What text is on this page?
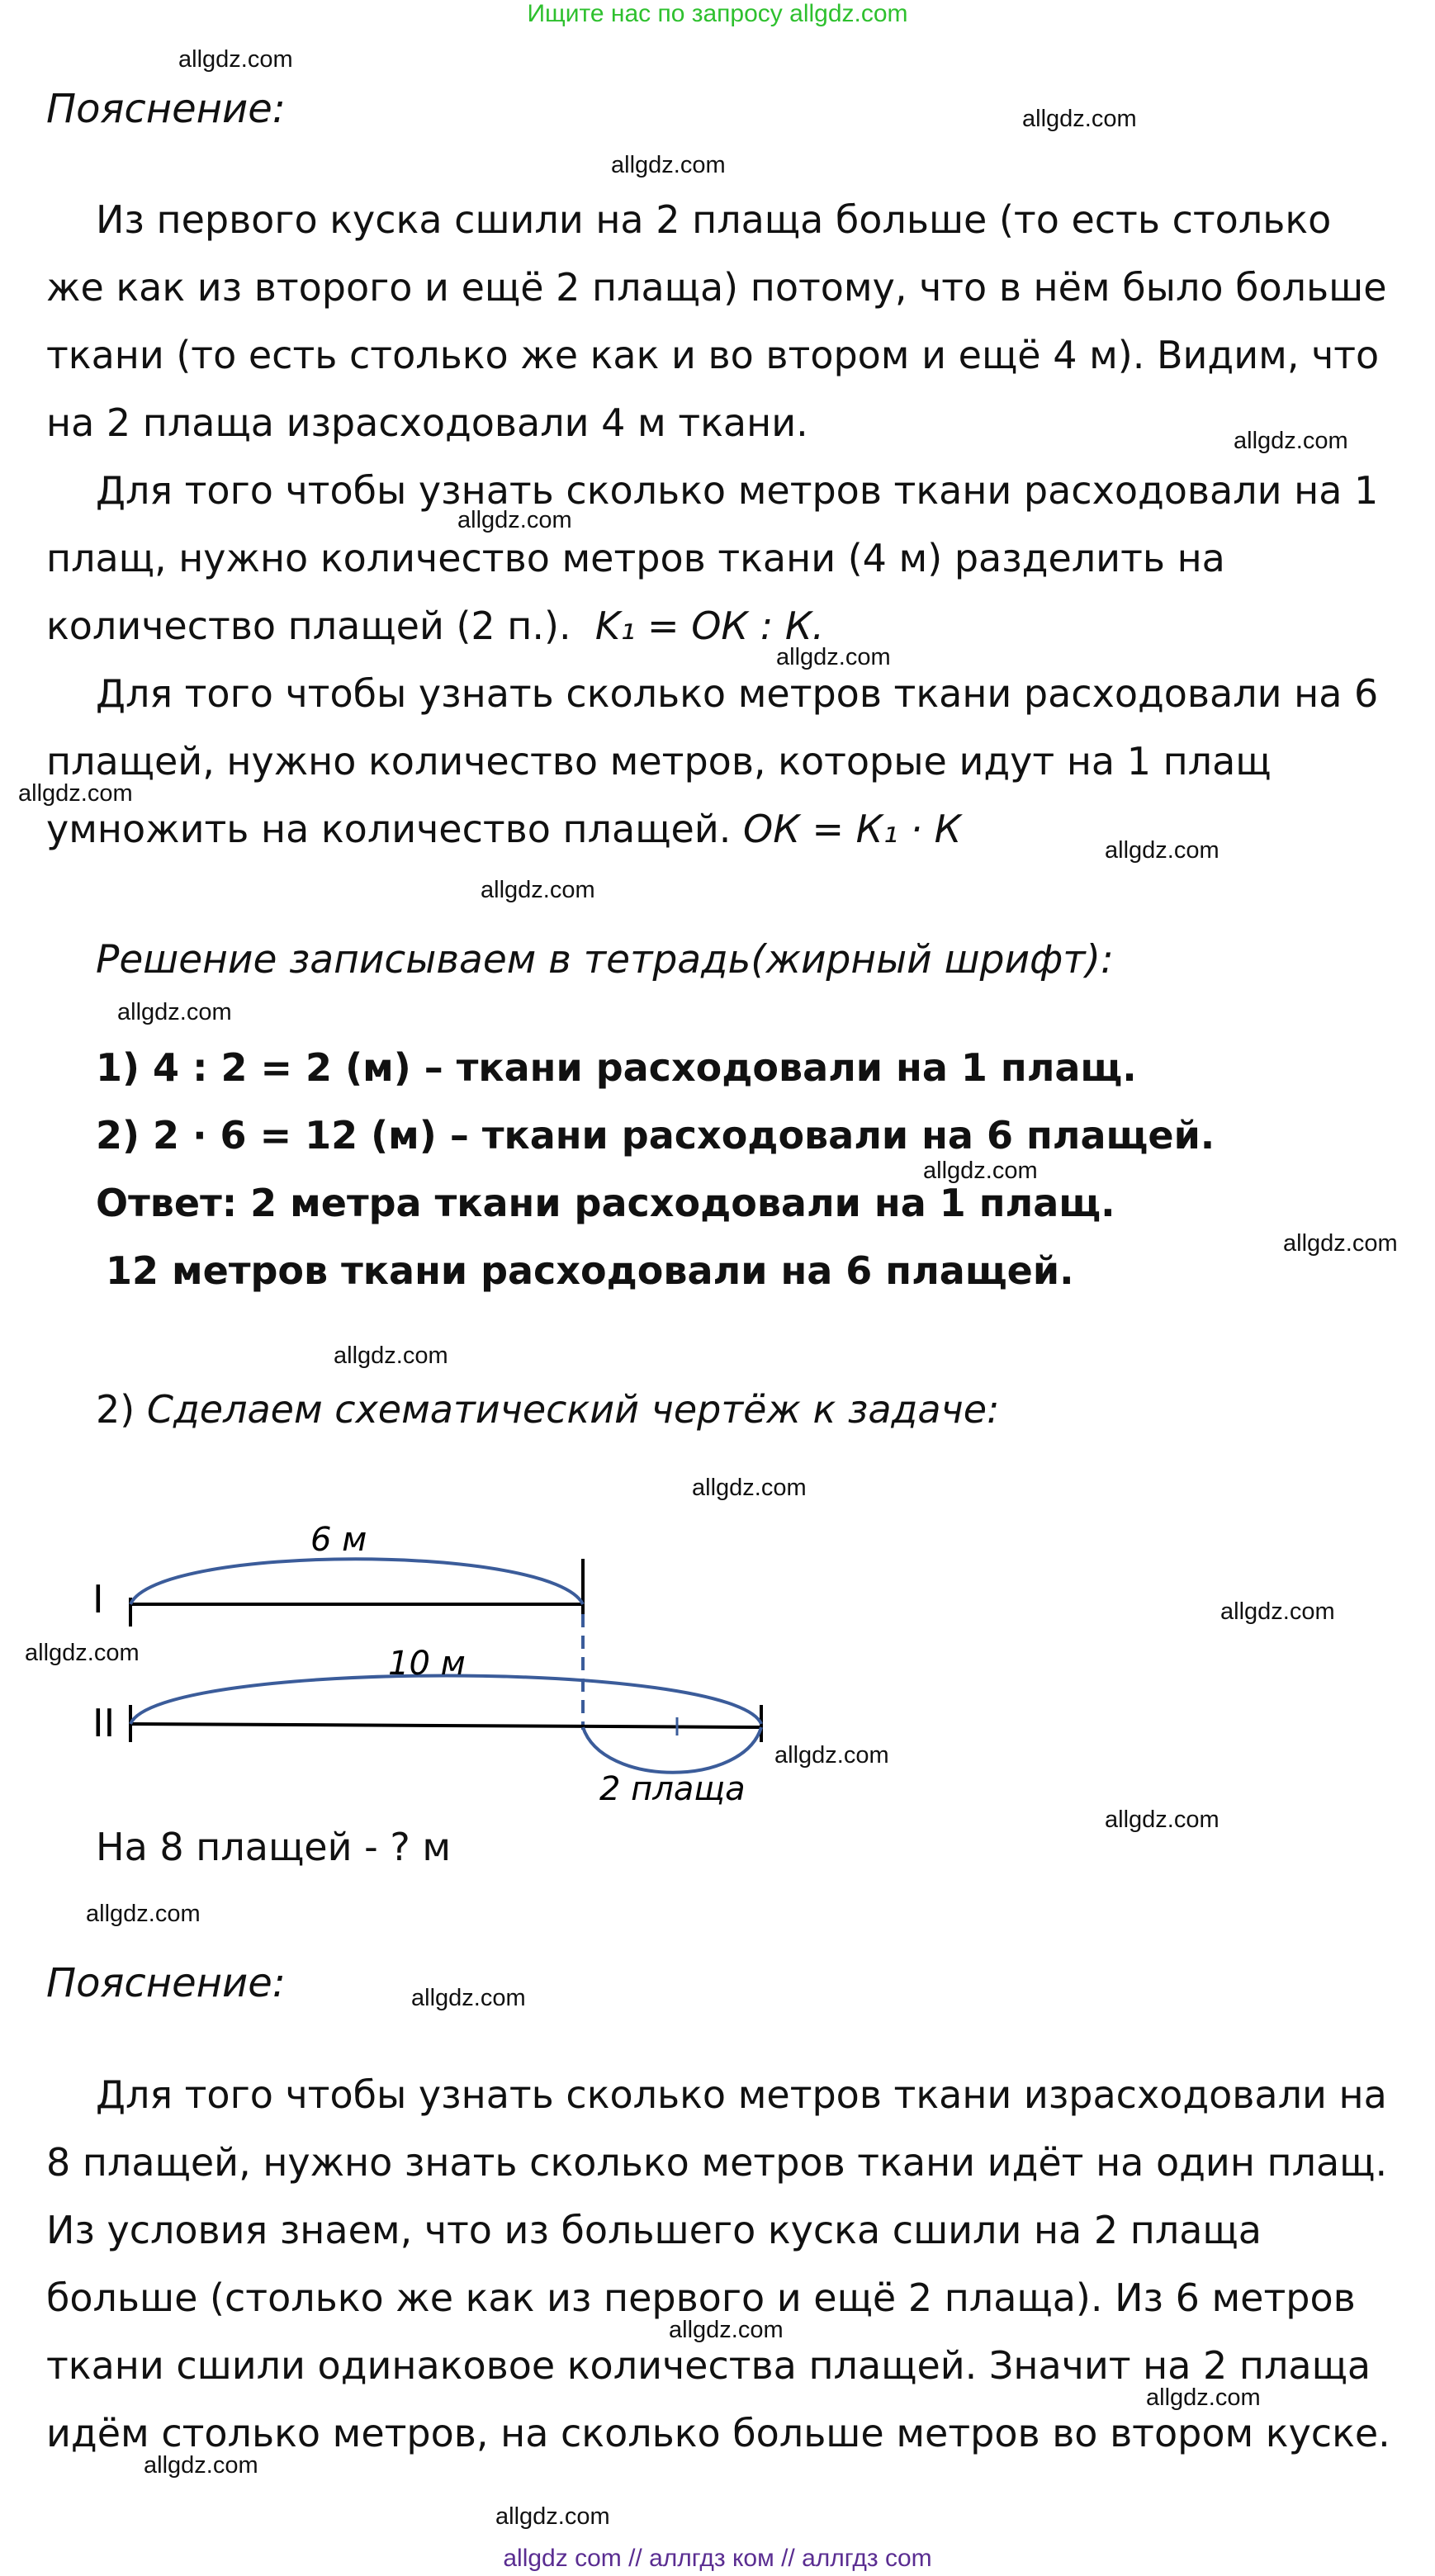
Ищите нас по запросу allgdz.com
allgdz com // аллгдз ком // аллгдз com
Пояснение:

Из первого куска сшили на 2 плаща больше (то есть столько же как из второго и ещё 2 плаща) потому, что в нём было больше ткани (то есть столько же как и во втором и ещё 4 м). Видим, что на 2 плаща израсходовали 4 м ткани.

Для того чтобы узнать сколько метров ткани расходовали на 1 плащ, нужно количество метров ткани (4 м) разделить на количество плащей (2 п.). K₁ = ОК : К.

Для того чтобы узнать сколько метров ткани расходовали на 6 плащей, нужно количество метров, которые идут на 1 плащ умножить на количество плащей. ОК = К₁ · К

Решение записываем в тетрадь(жирный шрифт):
1) 4 : 2 = 2 (м) – ткани расходовали на 1 плащ.
2) 2 · 6 = 12 (м) – ткани расходовали на 6 плащей.
Ответ: 2 метра ткани расходовали на 1 плащ.
12 метров ткани расходовали на 6 плащей.
2) Сделаем схематический чертёж к задаче:
I
II
6 м
10 м
2 плаща
На 8 плащей - ? м
Пояснение:

Для того чтобы узнать сколько метров ткани израсходовали на 8 плащей, нужно знать сколько метров ткани идёт на один плащ. Из условия знаем, что из большего куска сшили на 2 плаща больше (столько же как из первого и ещё 2 плаща). Из 6 метров ткани сшили одинаковое количества плащей. Значит на 2 плаща идём столько метров, на сколько больше метров во втором куске.

allgdz.com
allgdz.com
allgdz.com
allgdz.com
allgdz.com
allgdz.com
allgdz.com
allgdz.com
allgdz.com
allgdz.com
allgdz.com
allgdz.com
allgdz.com
allgdz.com
allgdz.com
allgdz.com
allgdz.com
allgdz.com
allgdz.com
allgdz.com
allgdz.com
allgdz.com
allgdz.com
allgdz.com
